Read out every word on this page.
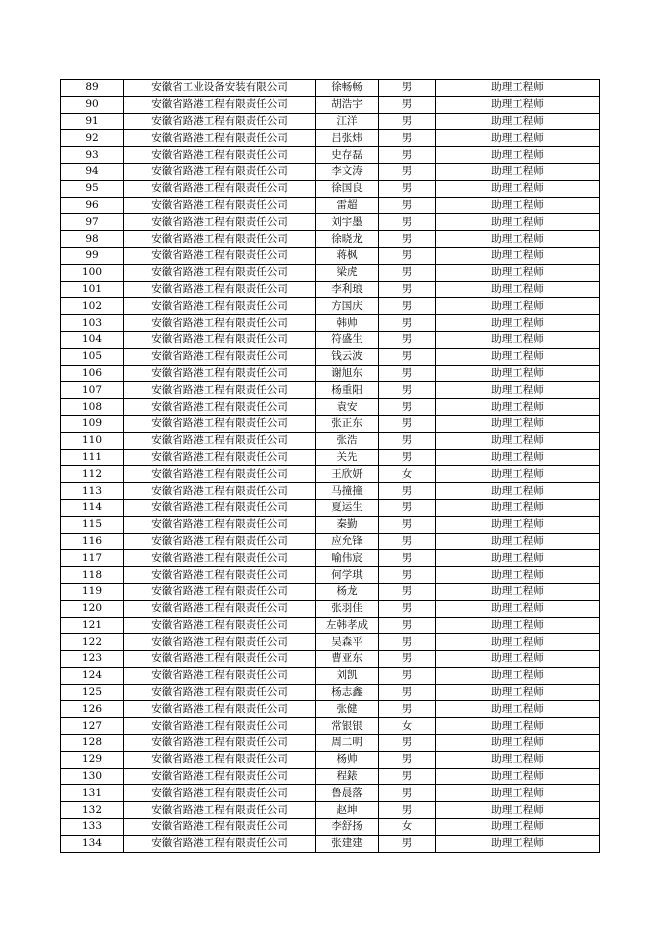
89	安徽省工业设备安装有限公司	徐畅畅	男	助理工程师
90	安徽省路港工程有限责任公司	胡浩宇	男	助理工程师
91	安徽省路港工程有限责任公司	江洋	男	助理工程师
92	安徽省路港工程有限责任公司	吕张炜	男	助理工程师
93	安徽省路港工程有限责任公司	史存磊	男	助理工程师
94	安徽省路港工程有限责任公司	李文涛	男	助理工程师
95	安徽省路港工程有限责任公司	徐国良	男	助理工程师
96	安徽省路港工程有限责任公司	雷超	男	助理工程师
97	安徽省路港工程有限责任公司	刘宇墨	男	助理工程师
98	安徽省路港工程有限责任公司	徐晓龙	男	助理工程师
99	安徽省路港工程有限责任公司	蒋枫	男	助理工程师
100	安徽省路港工程有限责任公司	梁虎	男	助理工程师
101	安徽省路港工程有限责任公司	李利琅	男	助理工程师
102	安徽省路港工程有限责任公司	方国庆	男	助理工程师
103	安徽省路港工程有限责任公司	韩帅	男	助理工程师
104	安徽省路港工程有限责任公司	符盛生	男	助理工程师
105	安徽省路港工程有限责任公司	钱云波	男	助理工程师
106	安徽省路港工程有限责任公司	谢旭东	男	助理工程师
107	安徽省路港工程有限责任公司	杨重阳	男	助理工程师
108	安徽省路港工程有限责任公司	袁安	男	助理工程师
109	安徽省路港工程有限责任公司	张正东	男	助理工程师
110	安徽省路港工程有限责任公司	张浩	男	助理工程师
111	安徽省路港工程有限责任公司	关先	男	助理工程师
112	安徽省路港工程有限责任公司	王欣妍	女	助理工程师
113	安徽省路港工程有限责任公司	马撞撞	男	助理工程师
114	安徽省路港工程有限责任公司	夏运生	男	助理工程师
115	安徽省路港工程有限责任公司	秦勤	男	助理工程师
116	安徽省路港工程有限责任公司	应允锋	男	助理工程师
117	安徽省路港工程有限责任公司	喻伟宸	男	助理工程师
118	安徽省路港工程有限责任公司	何学琪	男	助理工程师
119	安徽省路港工程有限责任公司	杨龙	男	助理工程师
120	安徽省路港工程有限责任公司	张羽佳	男	助理工程师
121	安徽省路港工程有限责任公司	左韩孝成	男	助理工程师
122	安徽省路港工程有限责任公司	吴森平	男	助理工程师
123	安徽省路港工程有限责任公司	曹亚东	男	助理工程师
124	安徽省路港工程有限责任公司	刘凯	男	助理工程师
125	安徽省路港工程有限责任公司	杨志鑫	男	助理工程师
126	安徽省路港工程有限责任公司	张健	男	助理工程师
127	安徽省路港工程有限责任公司	常银银	女	助理工程师
128	安徽省路港工程有限责任公司	周二明	男	助理工程师
129	安徽省路港工程有限责任公司	杨帅	男	助理工程师
130	安徽省路港工程有限责任公司	程錶	男	助理工程师
131	安徽省路港工程有限责任公司	鲁晨落	男	助理工程师
132	安徽省路港工程有限责任公司	赵坤	男	助理工程师
133	安徽省路港工程有限责任公司	李舒扬	女	助理工程师
134	安徽省路港工程有限责任公司	张建建	男	助理工程师
